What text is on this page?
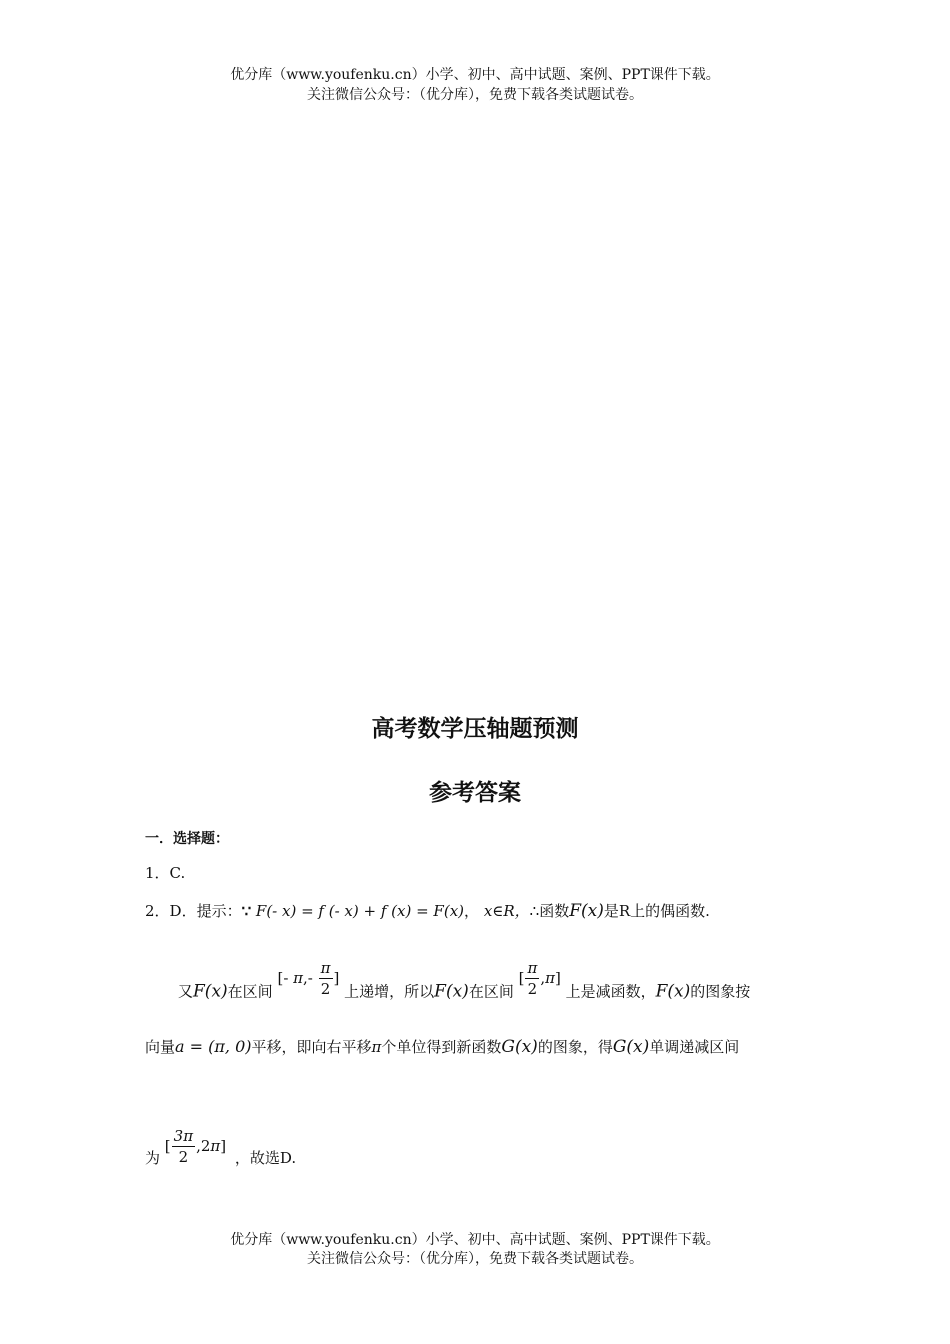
优分库（www.youfenku.cn）小学、初中、高中试题、案例、PPT课件下载。
关注微信公众号：（优分库），免费下载各类试题试卷。
高考数学压轴题预测
参考答案
一．选择题：
1．C.
2．D．提示：∵ F(- x) = f (- x) + f (x) = F(x)， x∈R，∴函数F(x)是R上的偶函数.
又F(x)在区间 [- $\pi,- \frac{\pi}{2}$ ] 上递增，所以F(x)在区间 [ $\frac{\pi}{2} ,\pi$] 上是减函数，F(x)的图象按
向量a = (π, 0)平移，即向右平移π个单位得到新函数G(x)的图象，得G(x)单调递减区间
为 [ $\frac{3\pi}{2} ,2\pi$] ，故选D.
优分库（www.youfenku.cn）小学、初中、高中试题、案例、PPT课件下载。
关注微信公众号：（优分库），免费下载各类试题试卷。
